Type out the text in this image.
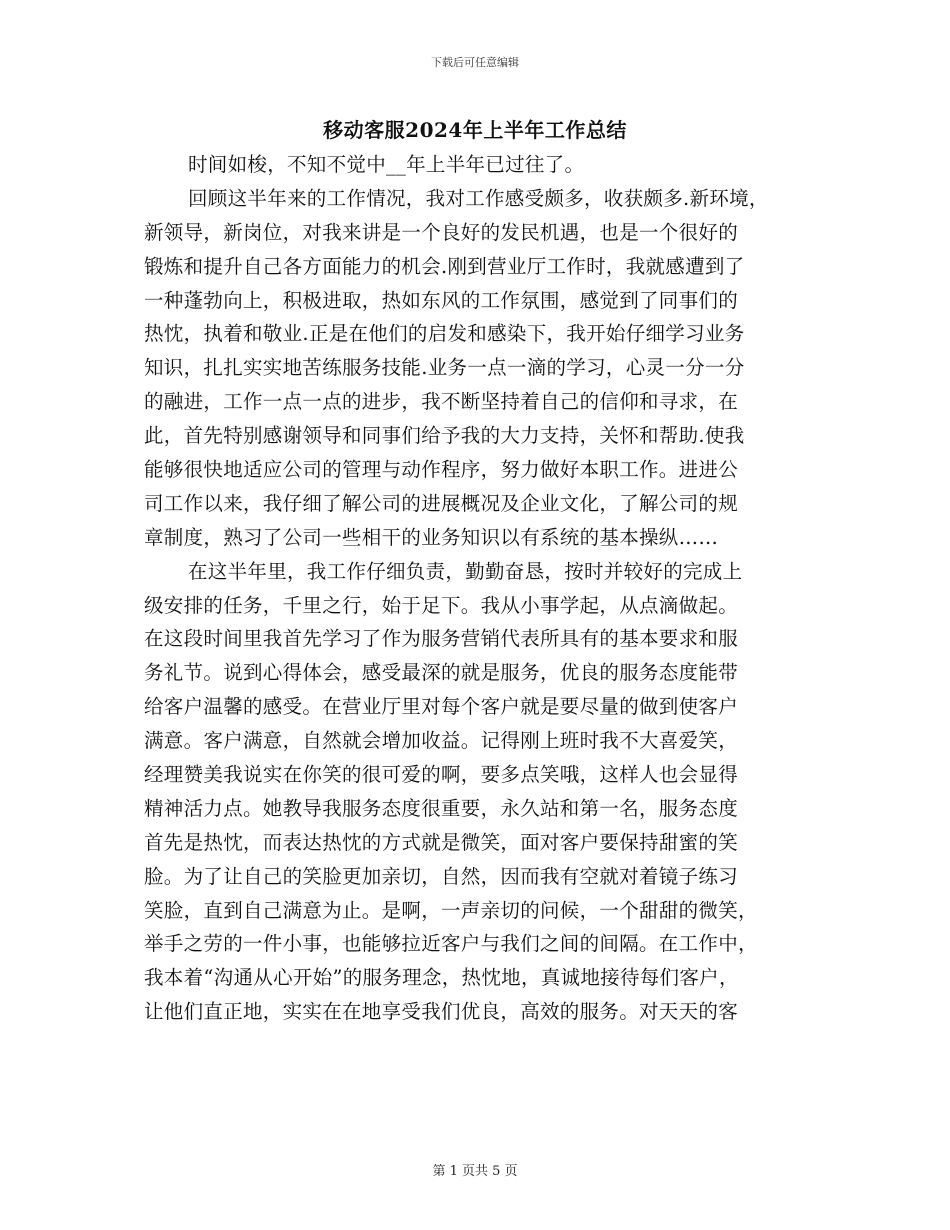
下载后可任意编辑
移动客服2024年上半年工作总结
时间如梭，不知不觉中__年上半年已过往了。
回顾这半年来的工作情况，我对工作感受颇多，收获颇多.新环境，
新领导，新岗位，对我来讲是一个良好的发民机遇，也是一个很好的
锻炼和提升自己各方面能力的机会.刚到营业厅工作时，我就感遭到了
一种蓬勃向上，积极进取，热如东风的工作氛围，感觉到了同事们的
热忱，执着和敬业.正是在他们的启发和感染下，我开始仔细学习业务
知识，扎扎实实地苦练服务技能.业务一点一滴的学习，心灵一分一分
的融进，工作一点一点的进步，我不断坚持着自己的信仰和寻求，在
此，首先特别感谢领导和同事们给予我的大力支持，关怀和帮助.使我
能够很快地适应公司的管理与动作程序，努力做好本职工作。进进公
司工作以来，我仔细了解公司的进展概况及企业文化，了解公司的规
章制度，熟习了公司一些相干的业务知识以有系统的基本操纵……
在这半年里，我工作仔细负责，勤勤奋恳，按时并较好的完成上
级安排的任务，千里之行，始于足下。我从小事学起，从点滴做起。
在这段时间里我首先学习了作为服务营销代表所具有的基本要求和服
务礼节。说到心得体会，感受最深的就是服务，优良的服务态度能带
给客户温馨的感受。在营业厅里对每个客户就是要尽量的做到使客户
满意。客户满意，自然就会增加收益。记得刚上班时我不大喜爱笑，
经理赞美我说实在你笑的很可爱的啊，要多点笑哦，这样人也会显得
精神活力点。她教导我服务态度很重要，永久站和第一名，服务态度
首先是热忱，而表达热忱的方式就是微笑，面对客户要保持甜蜜的笑
脸。为了让自己的笑脸更加亲切，自然，因而我有空就对着镜子练习
笑脸，直到自己满意为止。是啊，一声亲切的问候，一个甜甜的微笑，
举手之劳的一件小事，也能够拉近客户与我们之间的间隔。在工作中，
我本着“沟通从心开始”的服务理念，热忱地，真诚地接待每们客户，
让他们直正地，实实在在地享受我们优良，高效的服务。对天天的客
第 1 页共 5 页
